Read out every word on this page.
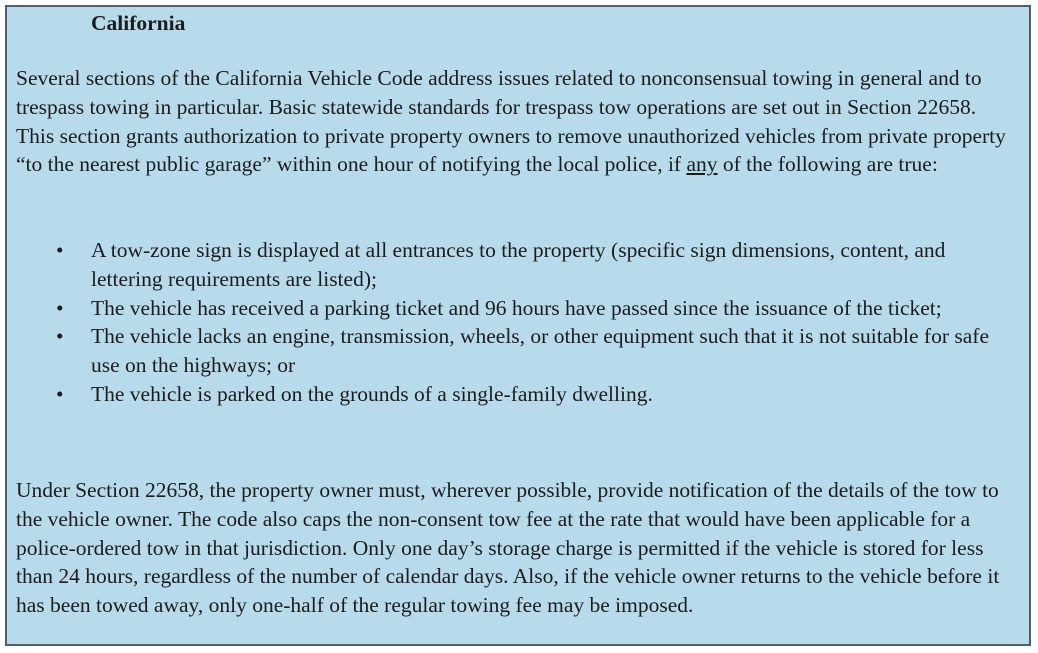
California

Several sections of the California Vehicle Code address issues related to nonconsensual towing in general and to trespass towing in particular. Basic statewide standards for trespass tow operations are set out in Section 22658. This section grants authorization to private property owners to remove unauthorized vehicles from private property “to the nearest public garage” within one hour of notifying the local police, if any of the following are true:

• A tow-zone sign is displayed at all entrances to the property (specific sign dimensions, content, and lettering requirements are listed);
• The vehicle has received a parking ticket and 96 hours have passed since the issuance of the ticket;
• The vehicle lacks an engine, transmission, wheels, or other equipment such that it is not suitable for safe use on the highways; or
• The vehicle is parked on the grounds of a single-family dwelling.

Under Section 22658, the property owner must, wherever possible, provide notification of the details of the tow to the vehicle owner. The code also caps the non-consent tow fee at the rate that would have been applicable for a police-ordered tow in that jurisdiction. Only one day’s storage charge is permitted if the vehicle is stored for less than 24 hours, regardless of the number of calendar days. Also, if the vehicle owner returns to the vehicle before it has been towed away, only one-half of the regular towing fee may be imposed.
